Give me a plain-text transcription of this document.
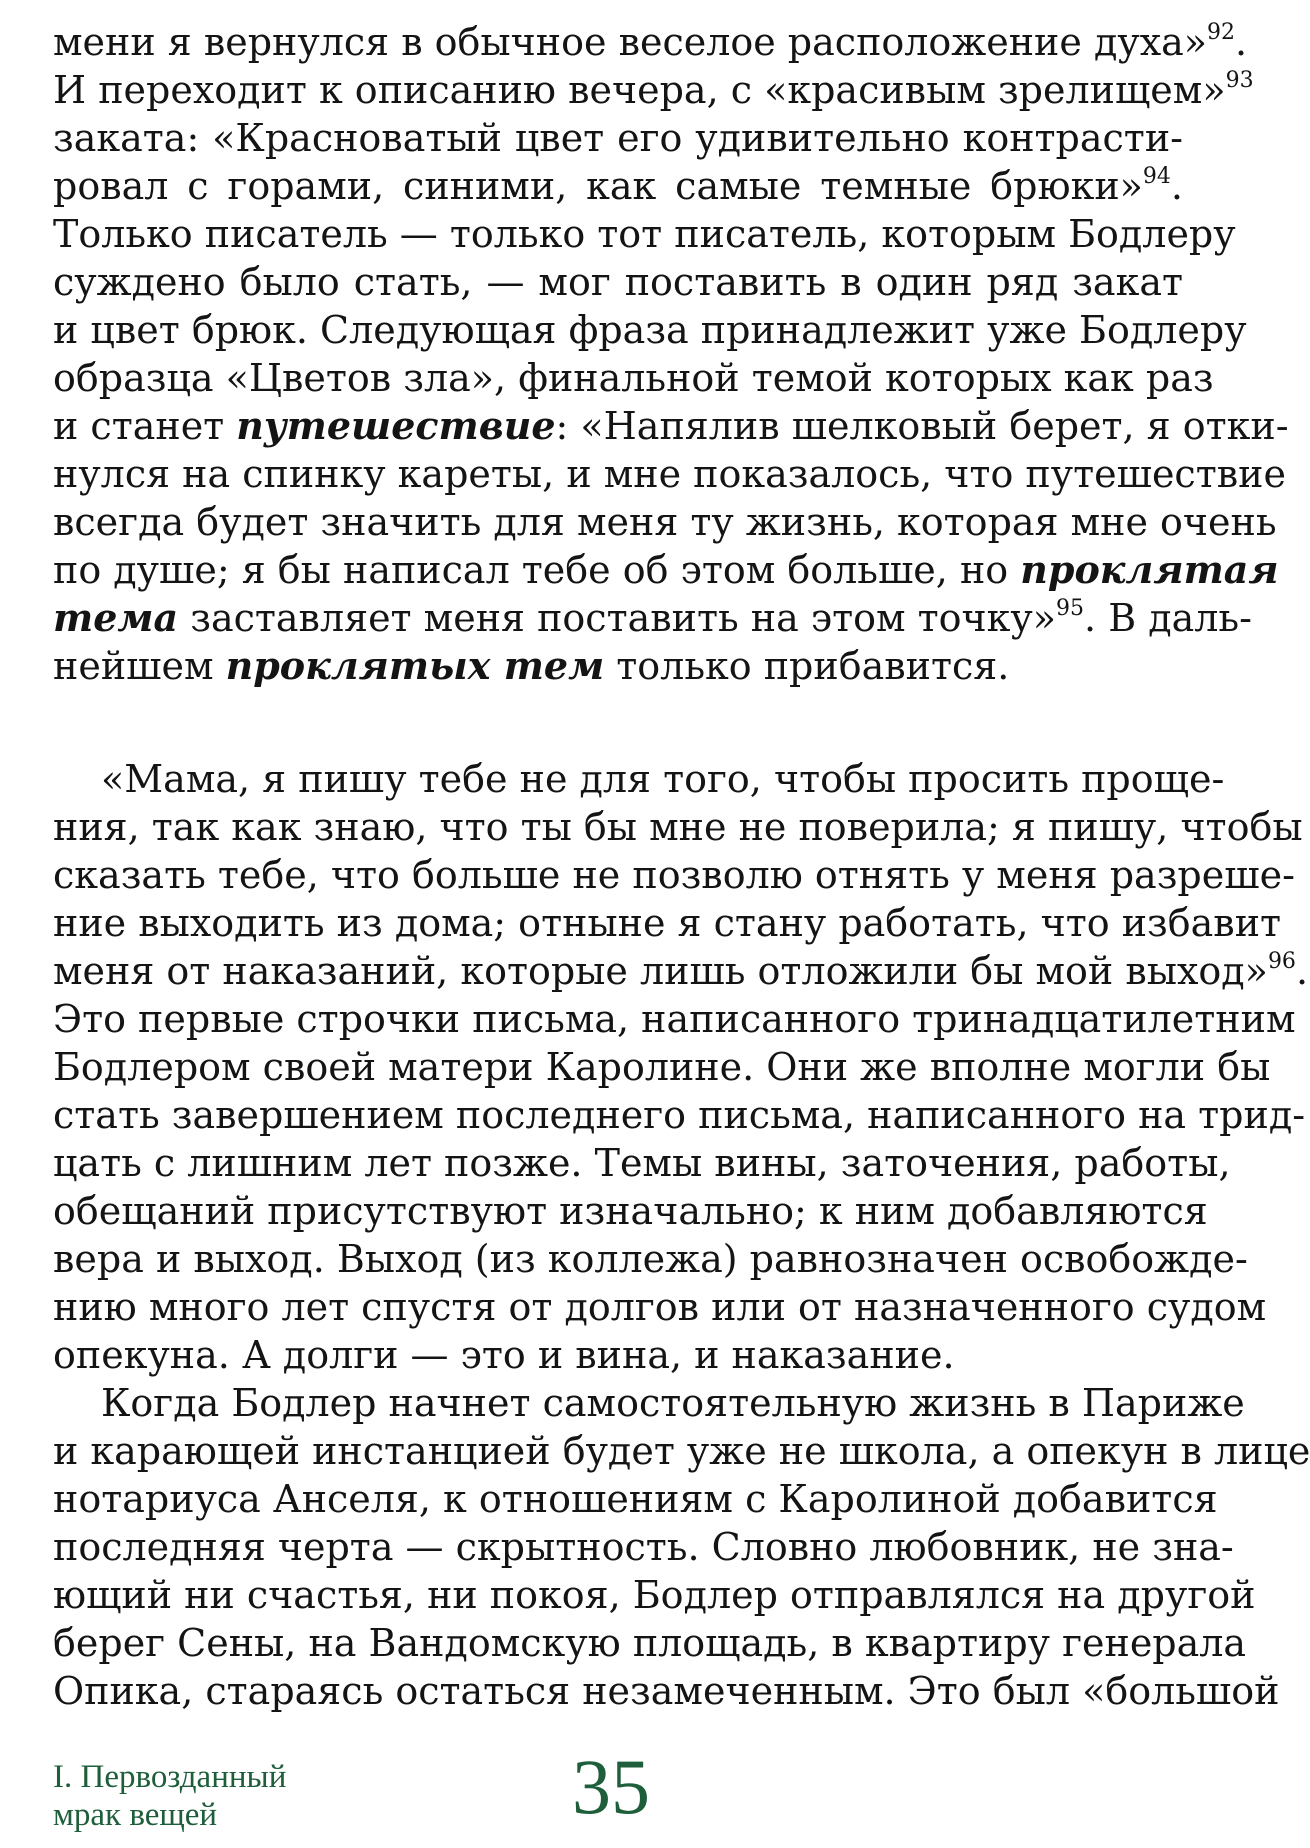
мени я вернулся в обычное веселое расположение духа»$^{92}$.
И переходит к описанию вечера, с «красивым зрелищем»$^{93}$
заката: «Красноватый цвет его удивительно контрасти-
ровал с горами, синими, как самые темные брюки»$^{94}$.
Только писатель — только тот писатель, которым Бодлеру
суждено было стать, — мог поставить в один ряд закат
и цвет брюк. Следующая фраза принадлежит уже Бодлеру
образца «Цветов зла», финальной темой которых как раз
и станет путешествие: «Напялив шелковый берет, я отки-
нулся на спинку кареты, и мне показалось, что путешествие
всегда будет значить для меня ту жизнь, которая мне очень
по душе; я бы написал тебе об этом больше, но проклятая
тема заставляет меня поставить на этом точку»$^{95}$. В даль-
нейшем проклятых тем только прибавится.
«Мама, я пишу тебе не для того, чтобы просить проще-
ния, так как знаю, что ты бы мне не поверила; я пишу, чтобы
сказать тебе, что больше не позволю отнять у меня разреше-
ние выходить из дома; отныне я стану работать, что избавит
меня от наказаний, которые лишь отложили бы мой выход»$^{96}$.
Это первые строчки письма, написанного тринадцатилетним
Бодлером своей матери Каролине. Они же вполне могли бы
стать завершением последнего письма, написанного на трид-
цать с лишним лет позже. Темы вины, заточения, работы,
обещаний присутствуют изначально; к ним добавляются
вера и выход. Выход (из коллежа) равнозначен освобожде-
нию много лет спустя от долгов или от назначенного судом
опекуна. А долги — это и вина, и наказание.
Когда Бодлер начнет самостоятельную жизнь в Париже
и карающей инстанцией будет уже не школа, а опекун в лице
нотариуса Анселя, к отношениям с Каролиной добавится
последняя черта — скрытность. Словно любовник, не зна-
ющий ни счастья, ни покоя, Бодлер отправлялся на другой
берег Сены, на Вандомскую площадь, в квартиру генерала
Опика, стараясь остаться незамеченным. Это был «большой
I. Первозданный
мрак вещей	35
